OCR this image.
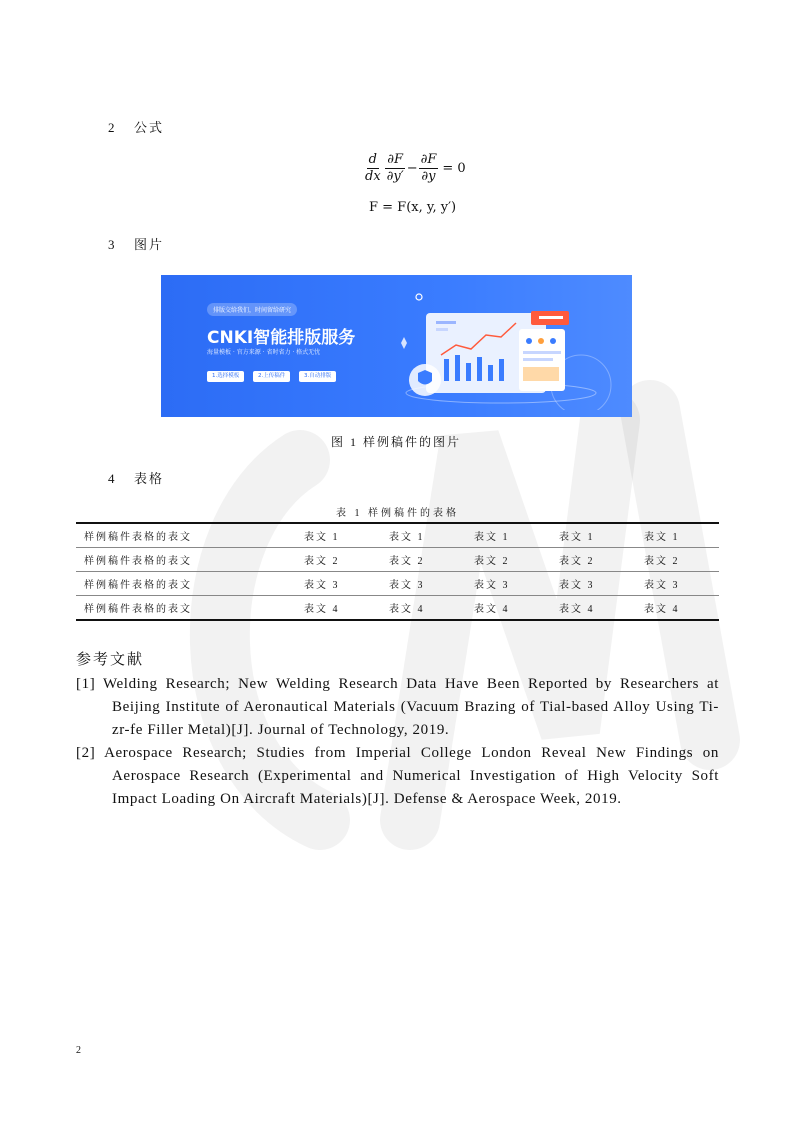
2 公式
$\frac{d}{dx} \frac{\partial F}{\partial y'} - \frac{\partial F}{\partial y} = 0$
F = F(x, y, y′)
3 图片
排版交给我们，时间留给研究
CNKI智能排版服务
海量模板 · 官方来源 · 省时省力 · 格式无忧
1.选择模板	2.上传稿件	3.自动排版
图 1 样例稿件的图片
4 表格
表 1 样例稿件的表格
样例稿件表格的表文	表文 1	表文 1	表文 1	表文 1	表文 1
样例稿件表格的表文	表文 2	表文 2	表文 2	表文 2	表文 2
样例稿件表格的表文	表文 3	表文 3	表文 3	表文 3	表文 3
样例稿件表格的表文	表文 4	表文 4	表文 4	表文 4	表文 4
参考文献
[1] Welding Research; New Welding Research Data Have Been Reported by Researchers at Beijing Institute of Aeronautical Materials (Vacuum Brazing of Tial-based Alloy Using Ti-zr-fe Filler Metal)[J]. Journal of Technology, 2019.
[2] Aerospace Research; Studies from Imperial College London Reveal New Findings on Aerospace Research (Experimental and Numerical Investigation of High Velocity Soft Impact Loading On Aircraft Materials)[J]. Defense & Aerospace Week, 2019.
2
